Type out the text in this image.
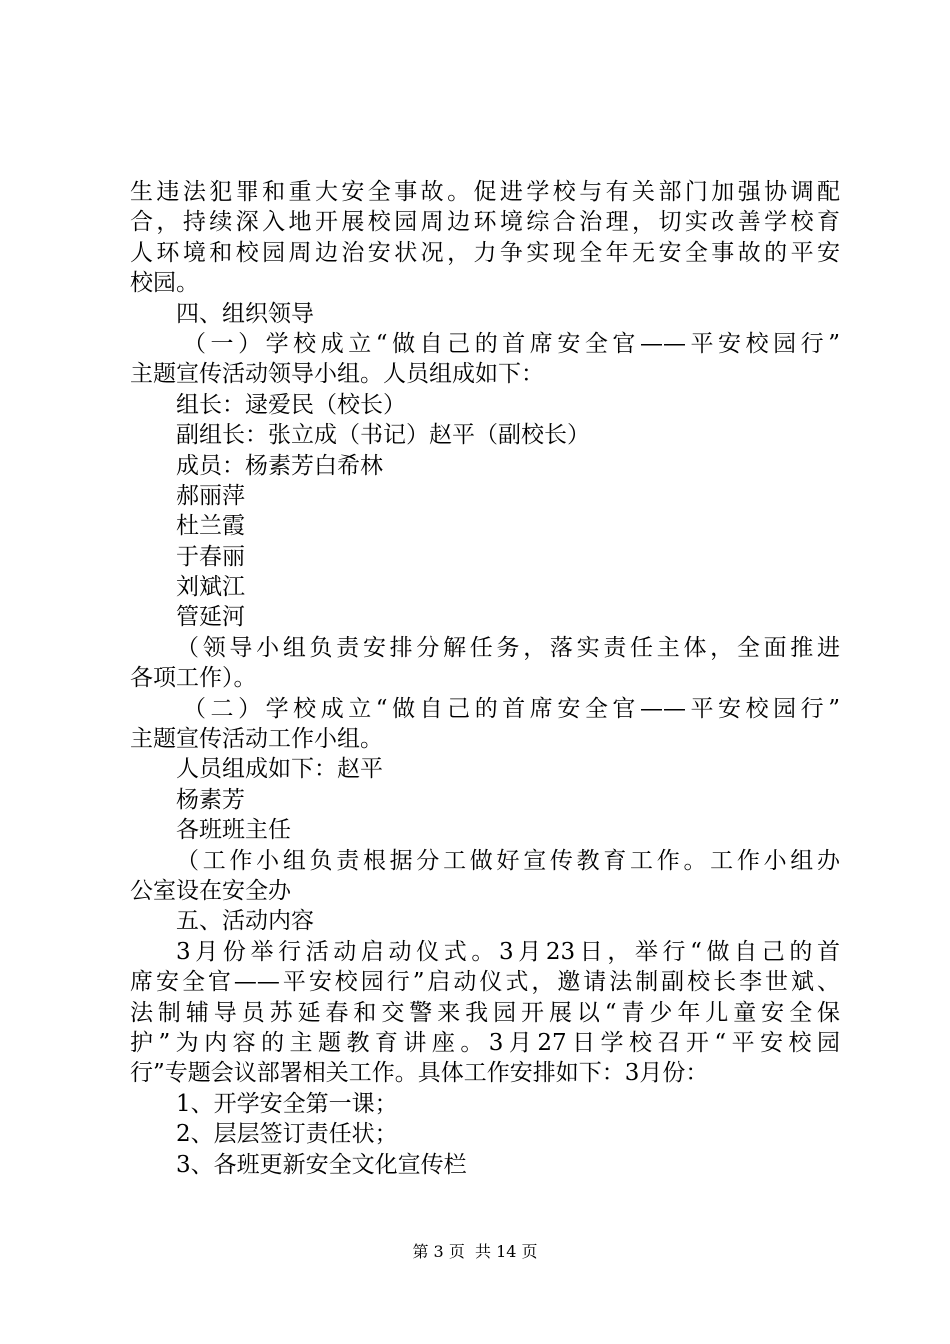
生违法犯罪和重大安全事故。促进学校与有关部门加强协调配
合，持续深入地开展校园周边环境综合治理，切实改善学校育
人环境和校园周边治安状况，力争实现全年无安全事故的平安
校园。
四、组织领导
（一）学校成立“做自己的首席安全官——平安校园行”
主题宣传活动领导小组。人员组成如下：
组长：逯爱民（校长）
副组长：张立成（书记）赵平（副校长）
成员：杨素芳白希林
郝丽萍
杜兰霞
于春丽
刘斌江
管延河
（领导小组负责安排分解任务，落实责任主体，全面推进
各项工作）。
（二）学校成立“做自己的首席安全官——平安校园行”
主题宣传活动工作小组。
人员组成如下：赵平
杨素芳
各班班主任
（工作小组负责根据分工做好宣传教育工作。工作小组办
公室设在安全办
五、活动内容
3月份举行活动启动仪式。3月23日，举行“做自己的首
席安全官——平安校园行”启动仪式，邀请法制副校长李世斌、
法制辅导员苏延春和交警来我园开展以“青少年儿童安全保
护”为内容的主题教育讲座。3月27日学校召开“平安校园
行”专题会议部署相关工作。具体工作安排如下：3月份：
1、开学安全第一课；
2、层层签订责任状；
3、各班更新安全文化宣传栏
第 3 页  共 14 页
